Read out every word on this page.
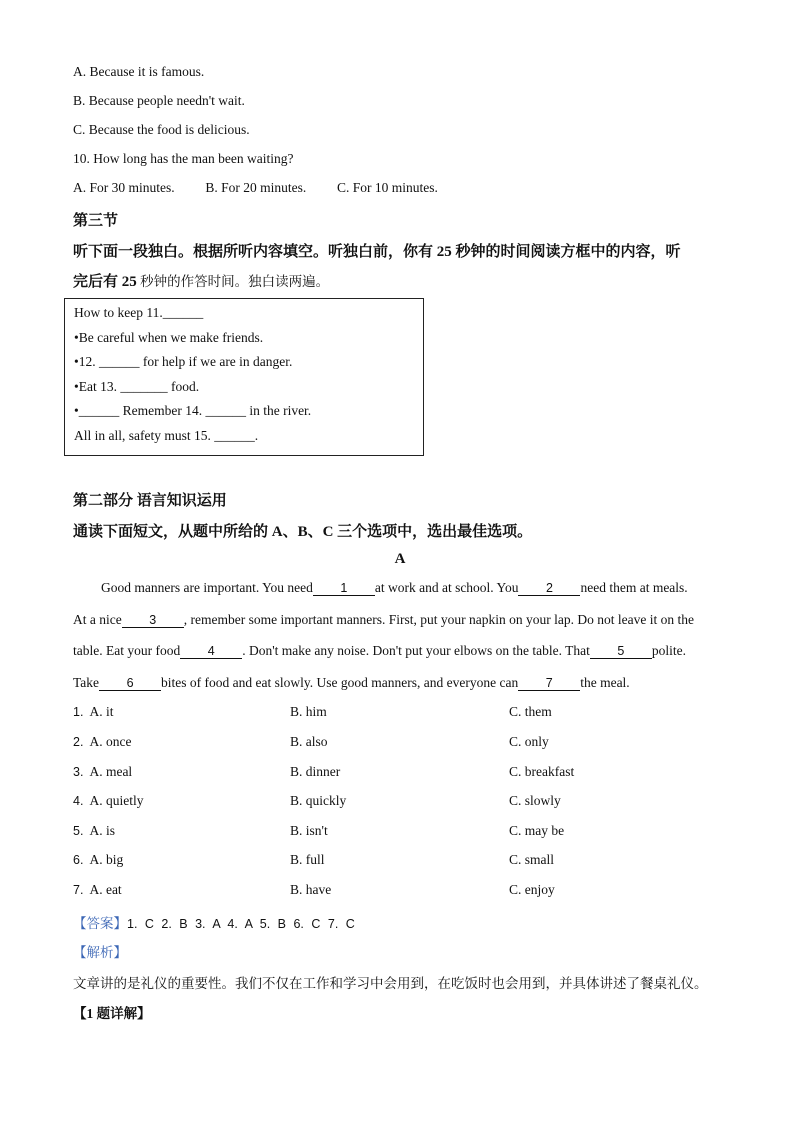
A. Because it is famous.
B. Because people needn't wait.
C. Because the food is delicious.
10. How long has the man been waiting?
A. For 30 minutes. B. For 20 minutes. C. For 10 minutes.
第三节
听下面一段独白。根据所听内容填空。听独白前，你有 25 秒钟的时间阅读方框中的内容，听
完后有 25 秒钟的作答时间。独白读两遍。
How to keep 11.______
•Be careful when we make friends.
•12. ______ for help if we are in danger.
•Eat 13. _______ food.
•______ Remember 14. ______ in the river.
All in all, safety must 15. ______.
第二部分 语言知识运用
通读下面短文，从题中所给的 A、B、C 三个选项中，选出最佳选项。
A
Good manners are important. You need 1 at work and at school. You 2 need them at meals.
At a nice 3 , remember some important manners. First, put your napkin on your lap. Do not leave it on the
table. Eat your food 4 . Don't make any noise. Don't put your elbows on the table. That 5 polite.
Take 6 bites of food and eat slowly. Use good manners, and everyone can 7 the meal.
1. A. it	B. him	C. them
2. A. once	B. also	C. only
3. A. meal	B. dinner	C. breakfast
4. A. quietly	B. quickly	C. slowly
5. A. is	B. isn't	C. may be
6. A. big	B. full	C. small
7. A. eat	B. have	C. enjoy
【答案】1. C 2. B 3. A 4. A 5. B 6. C 7. C
【解析】
文章讲的是礼仪的重要性。我们不仅在工作和学习中会用到，在吃饭时也会用到，并具体讲述了餐桌礼仪。
【1 题详解】
